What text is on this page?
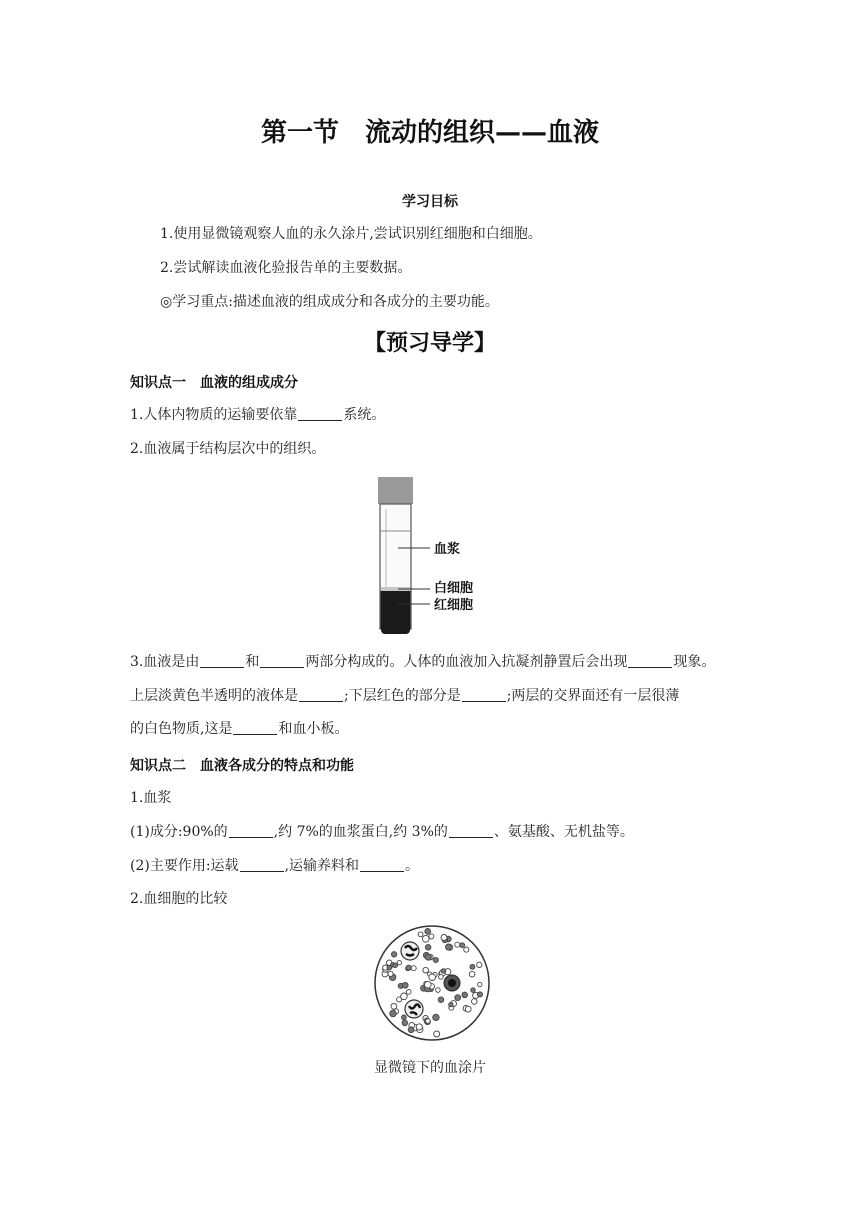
第一节　流动的组织——血液
学习目标
1.使用显微镜观察人血的永久涂片,尝试识别红细胞和白细胞。
2.尝试解读血液化验报告单的主要数据。
◎学习重点:描述血液的组成成分和各成分的主要功能。
【预习导学】
知识点一　血液的组成成分
1.人体内物质的运输要依靠	系统。
2.血液属于结构层次中的组织。
血浆
白细胞
红细胞
3.血液是由	和	两部分构成的。人体的血液加入抗凝剂静置后会出现	现象。
上层淡黄色半透明的液体是	;下层红色的部分是	;两层的交界面还有一层很薄
的白色物质,这是	和血小板。
知识点二　血液各成分的特点和功能
1.血浆
(1)成分:90%的	,约 7%的血浆蛋白,约 3%的	、氨基酸、无机盐等。
(2)主要作用:运载	,运输养料和	。
2.血细胞的比较
显微镜下的血涂片
